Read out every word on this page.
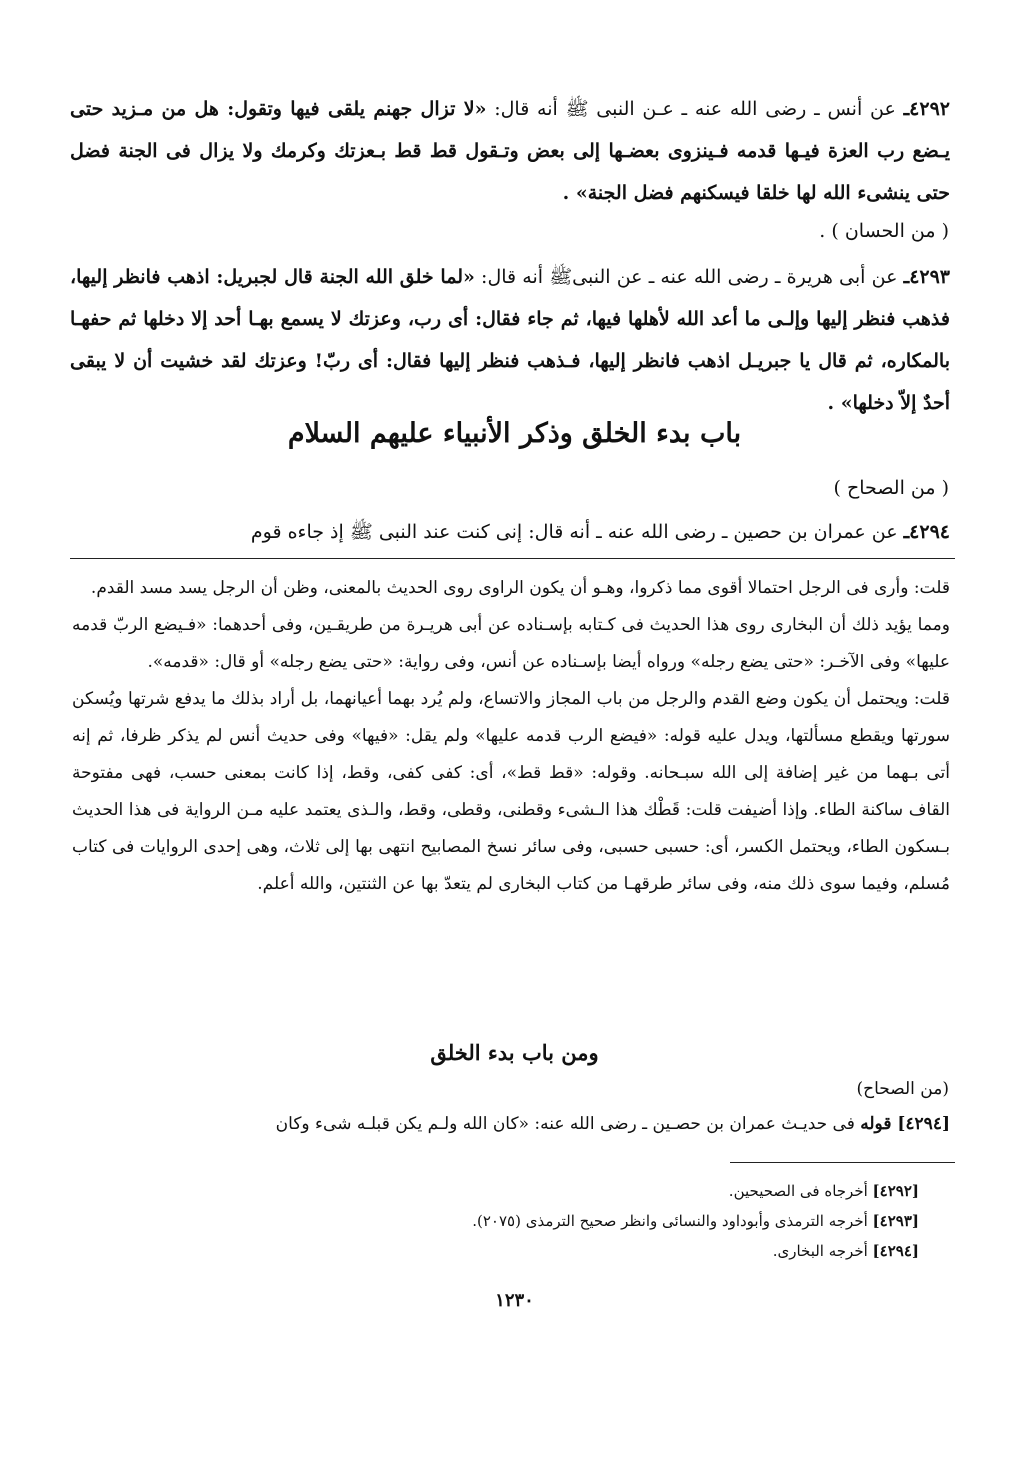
٤٢٩٢ـ عن أنس ـ رضى الله عنه ـ عـن النبى ﷺ أنه قال: «لا تزال جهنم يلقى فيها وتقول: هل من مـزيد حتى يـضع رب العزة فيـها قدمه فـينزوى بعضـها إلى بعض وتـقول قط قط بـعزتك وكرمك ولا يزال فى الجنة فضل حتى ينشىء الله لها خلقا فيسكنهم فضل الجنة» .
( من الحسان ) .
٤٢٩٣ـ عن أبى هريرة ـ رضى الله عنه ـ عن النبىﷺ أنه قال: «لما خلق الله الجنة قال لجبريل: اذهب فانظر إليها، فذهب فنظر إليها وإلـى ما أعد الله لأهلها فيها، ثم جاء فقال: أى رب، وعزتك لا يسمع بهـا أحد إلا دخلها ثم حفهـا بالمكاره، ثم قال يا جبريـل اذهب فانظر إليها، فـذهب فنظر إليها فقال: أى ربّ! وعزتك لقد خشيت أن لا يبقى أحدٌ إلاّ دخلها» .
باب بدء الخلق وذكر الأنبياء عليهم السلام
( من الصحاح )
٤٢٩٤ـ عن عمران بن حصين ـ رضى الله عنه ـ أنه قال: إنى كنت عند النبى ﷺ إذ جاءه قوم

قلت: وأرى فى الرجل احتمالا أقوى مما ذكروا، وهـو أن يكون الراوى روى الحديث بالمعنى، وظن أن الرجل يسد مسد القدم.

ومما يؤيد ذلك أن البخارى روى هذا الحديث فى كـتابه بإسـناده عن أبى هريـرة من طريقـين، وفى أحدهما: «فـيضع الربّ قدمه عليها» وفى الآخـر: «حتى يضع رجله» ورواه أيضا بإسـناده عن أنس، وفى رواية: «حتى يضع رجله» أو قال: «قدمه».

قلت: ويحتمل أن يكون وضع القدم والرجل من باب المجاز والاتساع، ولم يُرد بهما أعيانهما، بل أراد بذلك ما يدفع شرتها ويُسكن سورتها ويقطع مسألتها، ويدل عليه قوله: «فيضع الرب قدمه عليها» ولم يقل: «فيها» وفى حديث أنس لم يذكر ظرفا، ثم إنه أتى بـهما من غير إضافة إلى الله سبـحانه. وقوله: «قط قط»، أى: كفى كفى، وقط، إذا كانت بمعنى حسب، فهى مفتوحة القاف ساكنة الطاء. وإذا أضيفت قلت: قَطْك هذا الـشىء وقطنى، وقطى، وقط، والـذى يعتمد عليه مـن الرواية فى هذا الحديث بـسكون الطاء، ويحتمل الكسر، أى: حسبى حسبى، وفى سائر نسخ المصابيح انتهى بها إلى ثلاث، وهى إحدى الروايات فى كتاب مُسلم، وفيما سوى ذلك منه، وفى سائر طرقهـا من كتاب البخارى لم يتعدّ بها عن الثنتين، والله أعلم.

ومن باب بدء الخلق
(من الصحاح)
[٤٢٩٤] قوله فى حديـث عمران بن حصـين ـ رضى الله عنه: «كان الله ولـم يكن قبلـه شىء وكان
[٤٢٩٢] أخرجاه فى الصحيحين.
[٤٢٩٣] أخرجه الترمذى وأبوداود والنسائى وانظر صحيح الترمذى (٢٠٧٥).
[٤٢٩٤] أخرجه البخارى.
١٢٣٠
